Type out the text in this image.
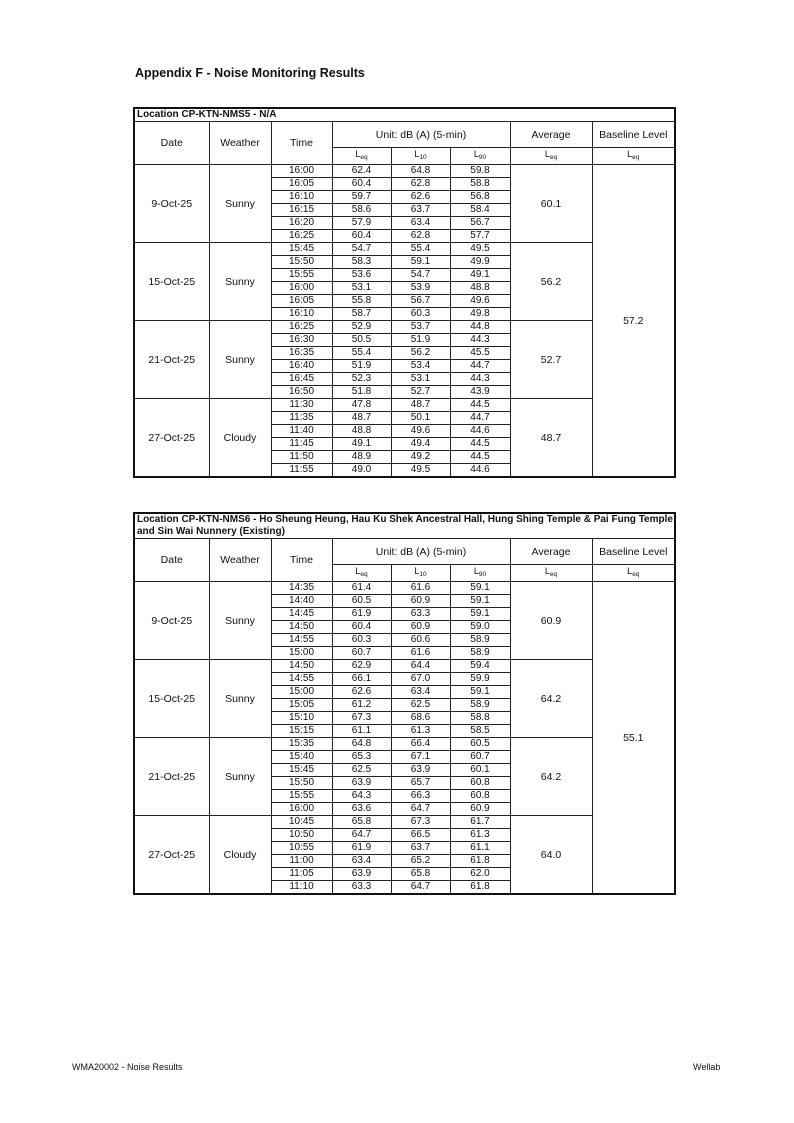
Appendix F - Noise Monitoring Results
Location CP-KTN-NMS5 - N/A							
Date	Weather	Time	Unit: dB (A) (5-min)			Average	Baseline Level
			$L_{eq}$	$L_{10}$	$L_{90}$	$L_{eq}$	$L_{eq}$
9-Oct-25	Sunny	16:00	62.4	64.8	59.8	60.1	57.2
		16:05	60.4	62.8	58.8		
		16:10	59.7	62.6	56.8		
		16:15	58.6	63.7	58.4		
		16:20	57.9	63.4	56.7		
		16:25	60.4	62.8	57.7		
15-Oct-25	Sunny	15:45	54.7	55.4	49.5	56.2	
		15:50	58.3	59.1	49.9		
		15:55	53.6	54.7	49.1		
		16:00	53.1	53.9	48.8		
		16:05	55.8	56.7	49.6		
		16:10	58.7	60.3	49.8		
21-Oct-25	Sunny	16:25	52.9	53.7	44.8	52.7	
		16:30	50.5	51.9	44.3		
		16:35	55.4	56.2	45.5		
		16:40	51.9	53.4	44.7		
		16:45	52.3	53.1	44.3		
		16:50	51.8	52.7	43.9		
27-Oct-25	Cloudy	11:30	47.8	48.7	44.5	48.7	
		11:35	48.7	50.1	44.7		
		11:40	48.8	49.6	44.6		
		11:45	49.1	49.4	44.5		
		11:50	48.9	49.2	44.5		
		11:55	49.0	49.5	44.6		
Location CP-KTN-NMS6 - Ho Sheung Heung, Hau Ku Shek Ancestral Hall, Hung Shing Temple & Pai Fung Temple and Sin Wai Nunnery (Existing)							
Date	Weather	Time	Unit: dB (A) (5-min)			Average	Baseline Level
			$L_{eq}$	$L_{10}$	$L_{90}$	$L_{eq}$	$L_{eq}$
9-Oct-25	Sunny	14:35	61.4	61.6	59.1	60.9	55.1
		14:40	60.5	60.9	59.1		
		14:45	61.9	63.3	59.1		
		14:50	60.4	60.9	59.0		
		14:55	60.3	60.6	58.9		
		15:00	60.7	61.6	58.9		
15-Oct-25	Sunny	14:50	62.9	64.4	59.4	64.2	
		14:55	66.1	67.0	59.9		
		15:00	62.6	63.4	59.1		
		15:05	61.2	62.5	58.9		
		15:10	67.3	68.6	58.8		
		15:15	61.1	61.3	58.5		
21-Oct-25	Sunny	15:35	64.8	66.4	60.5	64.2	
		15:40	65.3	67.1	60.7		
		15:45	62.5	63.9	60.1		
		15:50	63.9	65.7	60.8		
		15:55	64.3	66.3	60.8		
		16:00	63.6	64.7	60.9		
27-Oct-25	Cloudy	10:45	65.8	67.3	61.7	64.0	
		10:50	64.7	66.5	61.3		
		10:55	61.9	63.7	61.1		
		11:00	63.4	65.2	61.8		
		11:05	63.9	65.8	62.0		
		11:10	63.3	64.7	61.8		
WMA20002 - Noise Results	Wellab
